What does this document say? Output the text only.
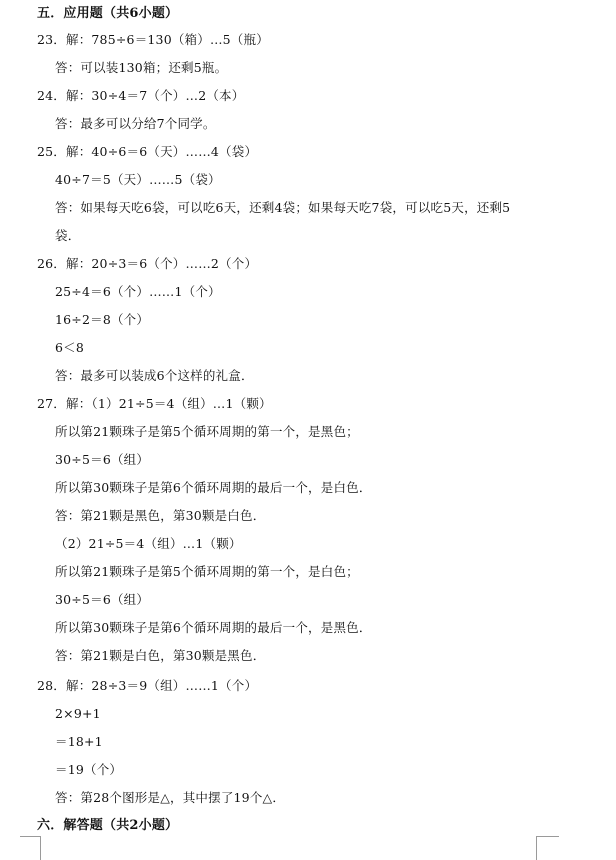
五．应用题（共6小题）
23．解：785÷6＝130（箱）…5（瓶）
答：可以装130箱；还剩5瓶。
24．解：30÷4＝7（个）…2（本）
答：最多可以分给7个同学。
25．解：40÷6＝6（天）……4（袋）
40÷7＝5（天）……5（袋）
答：如果每天吃6袋，可以吃6天，还剩4袋；如果每天吃7袋，可以吃5天，还剩5
袋．
26．解：20÷3＝6（个）……2（个）
25÷4＝6（个）……1（个）
16÷2＝8（个）
6＜8
答：最多可以装成6个这样的礼盒．
27．解：（1）21÷5＝4（组）…1（颗）
所以第21颗珠子是第5个循环周期的第一个，是黑色；
30÷5＝6（组）
所以第30颗珠子是第6个循环周期的最后一个，是白色．
答：第21颗是黑色，第30颗是白色．
（2）21÷5＝4（组）…1（颗）
所以第21颗珠子是第5个循环周期的第一个，是白色；
30÷5＝6（组）
所以第30颗珠子是第6个循环周期的最后一个，是黑色．
答：第21颗是白色，第30颗是黑色．
28．解：28÷3＝9（组）……1（个）
2×9+1
＝18+1
＝19（个）
答：第28个图形是△，其中摆了19个△．
六．解答题（共2小题）
